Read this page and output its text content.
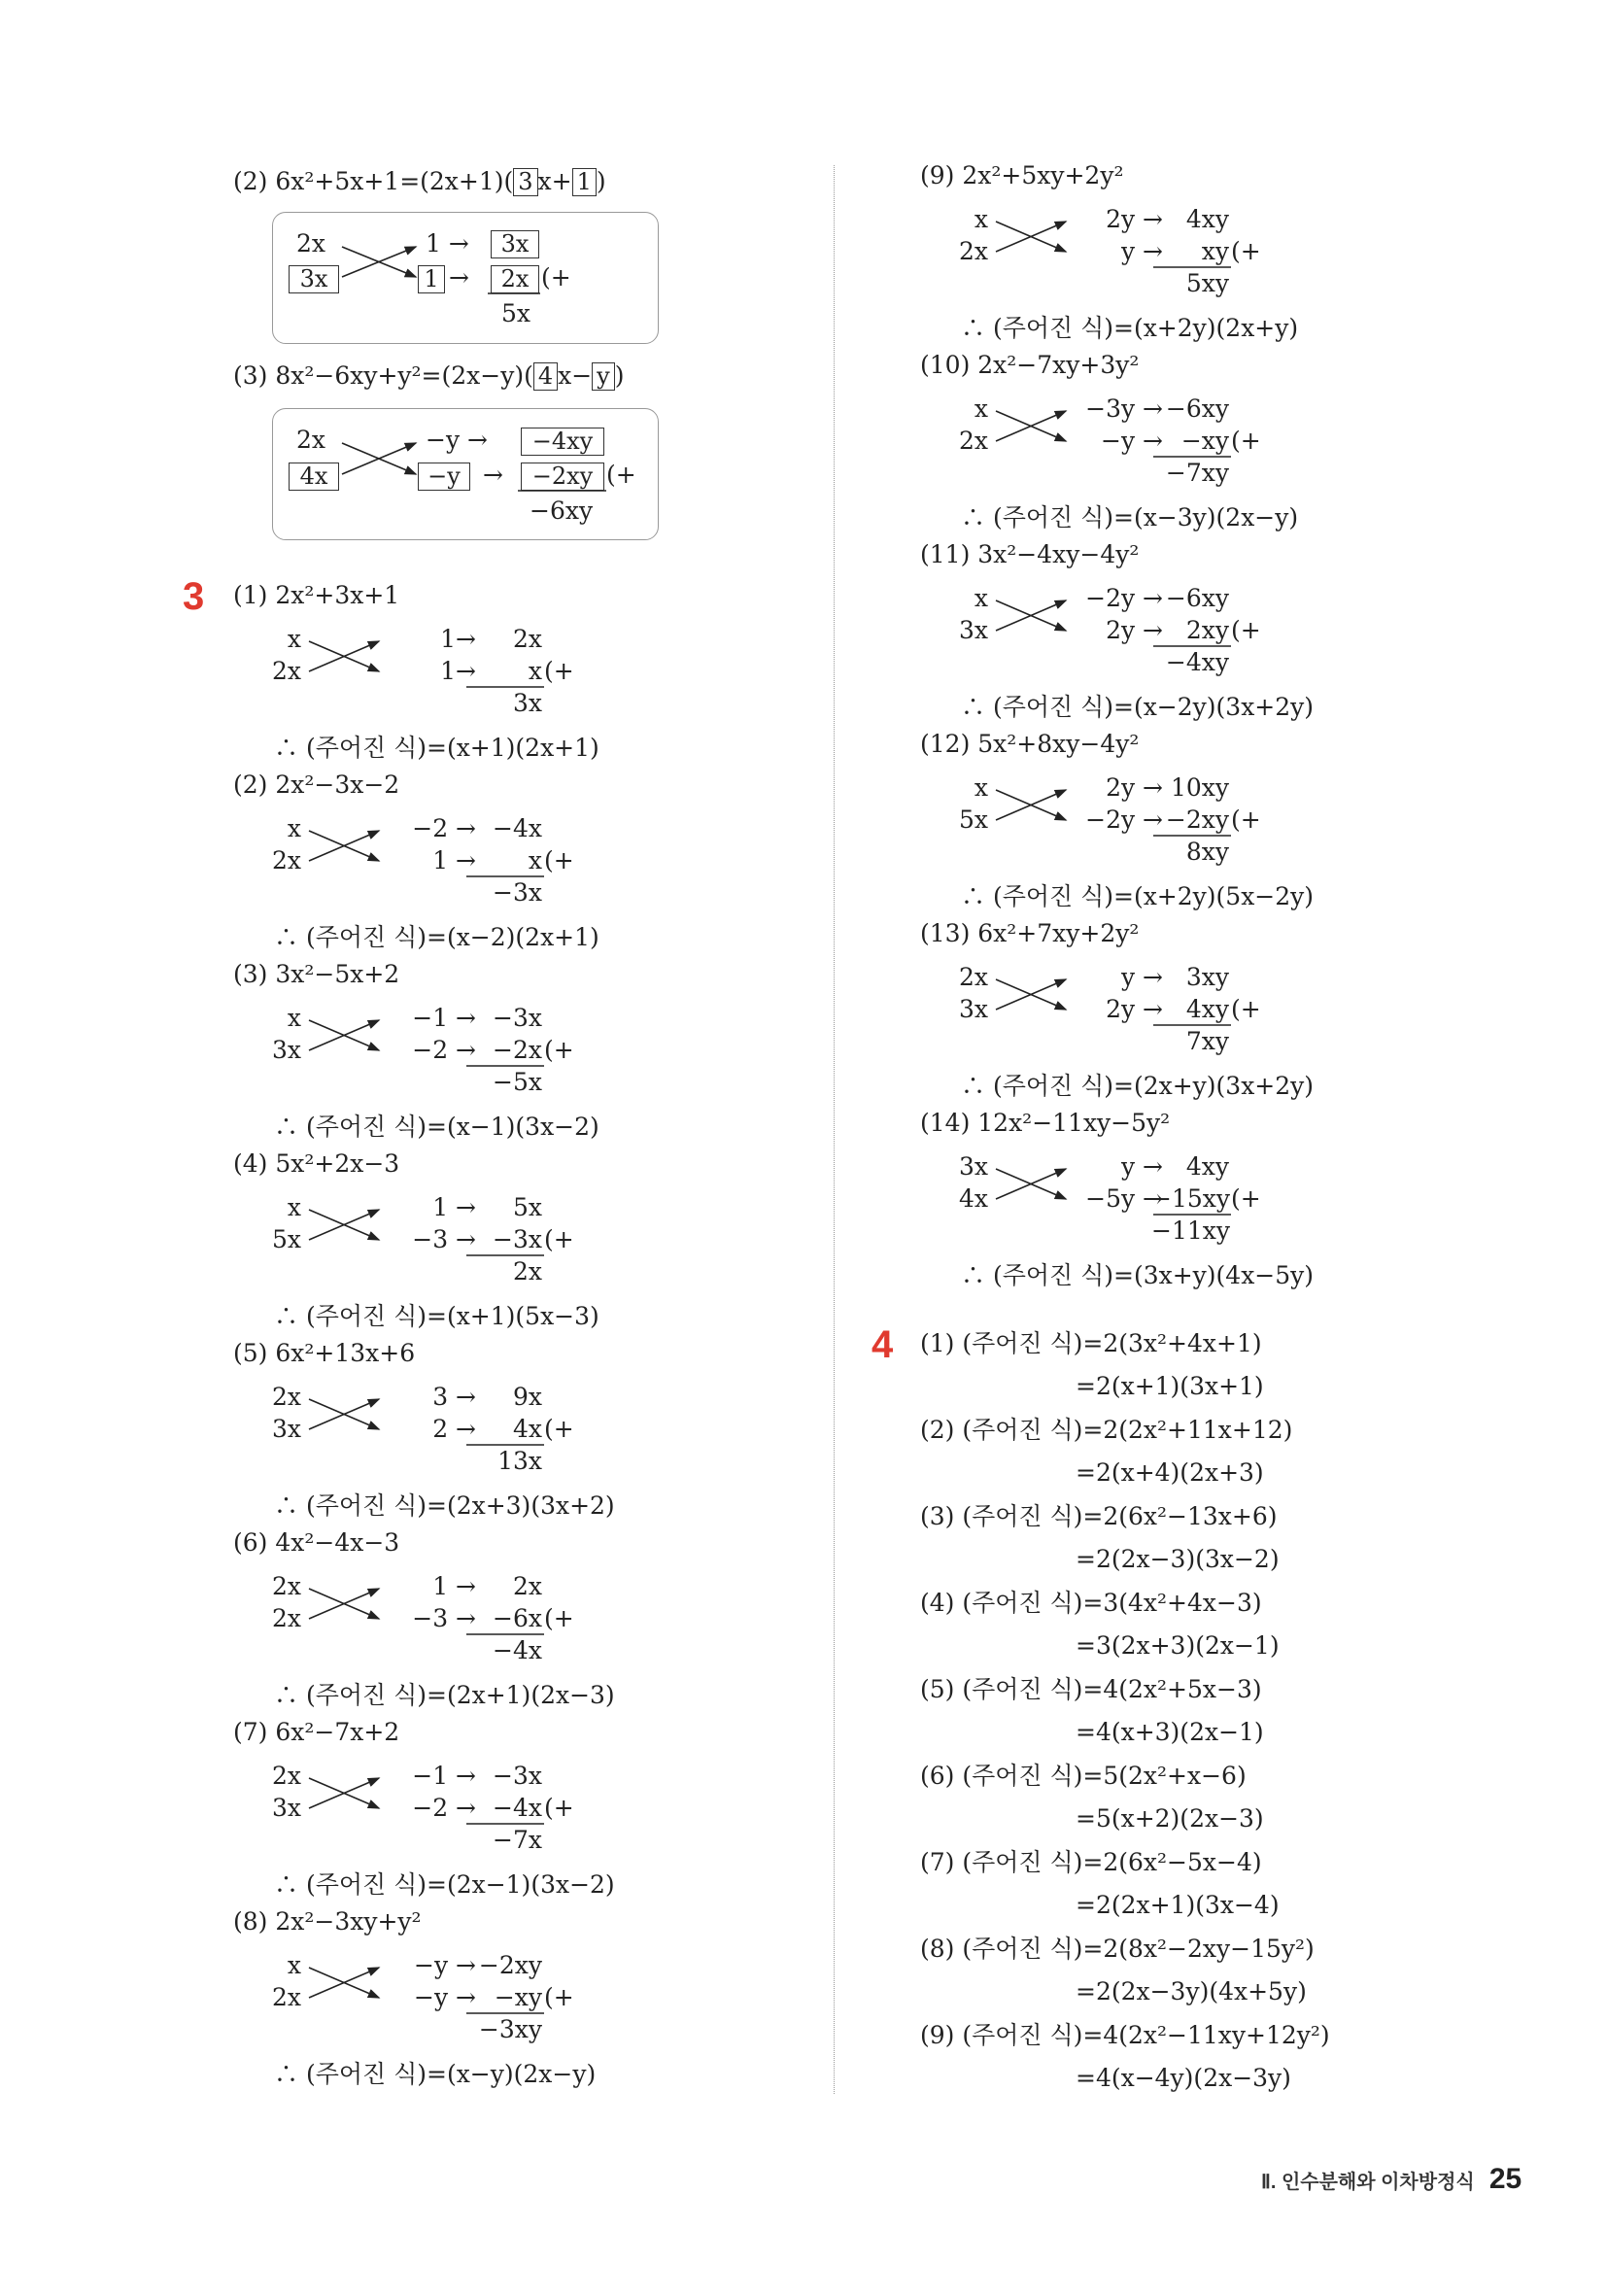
(2) 6x²+5x+1=(2x+1)( 3 x+ 1 )
2x
3x
1 →
1 →
3x
2x (+
5x
(3) 8x²−6xy+y²=(2x−y)( 4 x− y )
2x
4x
−y →
−y →
−4xy
−2xy (+
−6xy
3 (1) 2x²+3x+1
x
2x
1→
1→
2x
x (+
3x
∴ (주어진 식)=(x+1)(2x+1)
(2) 2x²−3x−2
x
2x
−2 →
1 →
−4x
x (+
−3x
∴ (주어진 식)=(x−2)(2x+1)
(3) 3x²−5x+2
x
3x
−1 →
−2 →
−3x
−2x (+
−5x
∴ (주어진 식)=(x−1)(3x−2)
(4) 5x²+2x−3
x
5x
1 →
−3 →
5x
−3x (+
2x
∴ (주어진 식)=(x+1)(5x−3)
(5) 6x²+13x+6
2x
3x
3 →
2 →
9x
4x (+
13x
∴ (주어진 식)=(2x+3)(3x+2)
(6) 4x²−4x−3
2x
2x
1 →
−3 →
2x
−6x (+
−4x
∴ (주어진 식)=(2x+1)(2x−3)
(7) 6x²−7x+2
2x
3x
−1 →
−2 →
−3x
−4x (+
−7x
∴ (주어진 식)=(2x−1)(3x−2)
(8) 2x²−3xy+y²
x
2x
−y →
−y →
−2xy
−xy (+
−3xy
∴ (주어진 식)=(x−y)(2x−y)
(9) 2x²+5xy+2y²
x
2x
2y →
y →
4xy
xy (+
5xy
∴ (주어진 식)=(x+2y)(2x+y)
(10) 2x²−7xy+3y²
x
2x
−3y →
−y →
−6xy
−xy (+
−7xy
∴ (주어진 식)=(x−3y)(2x−y)
(11) 3x²−4xy−4y²
x
3x
−2y →
2y →
−6xy
2xy (+
−4xy
∴ (주어진 식)=(x−2y)(3x+2y)
(12) 5x²+8xy−4y²
x
5x
2y →
−2y →
10xy
−2xy (+
8xy
∴ (주어진 식)=(x+2y)(5x−2y)
(13) 6x²+7xy+2y²
2x
3x
y →
2y →
3xy
4xy (+
7xy
∴ (주어진 식)=(2x+y)(3x+2y)
(14) 12x²−11xy−5y²
3x
4x
y →
−5y →
4xy
−15xy (+
−11xy
∴ (주어진 식)=(3x+y)(4x−5y)
4 (1) (주어진 식)=2(3x²+4x+1)
=2(x+1)(3x+1)
(2) (주어진 식)=2(2x²+11x+12)
=2(x+4)(2x+3)
(3) (주어진 식)=2(6x²−13x+6)
=2(2x−3)(3x−2)
(4) (주어진 식)=3(4x²+4x−3)
=3(2x+3)(2x−1)
(5) (주어진 식)=4(2x²+5x−3)
=4(x+3)(2x−1)
(6) (주어진 식)=5(2x²+x−6)
=5(x+2)(2x−3)
(7) (주어진 식)=2(6x²−5x−4)
=2(2x+1)(3x−4)
(8) (주어진 식)=2(8x²−2xy−15y²)
=2(2x−3y)(4x+5y)
(9) (주어진 식)=4(2x²−11xy+12y²)
=4(x−4y)(2x−3y)
Ⅱ. 인수분해와 이차방정식 25
